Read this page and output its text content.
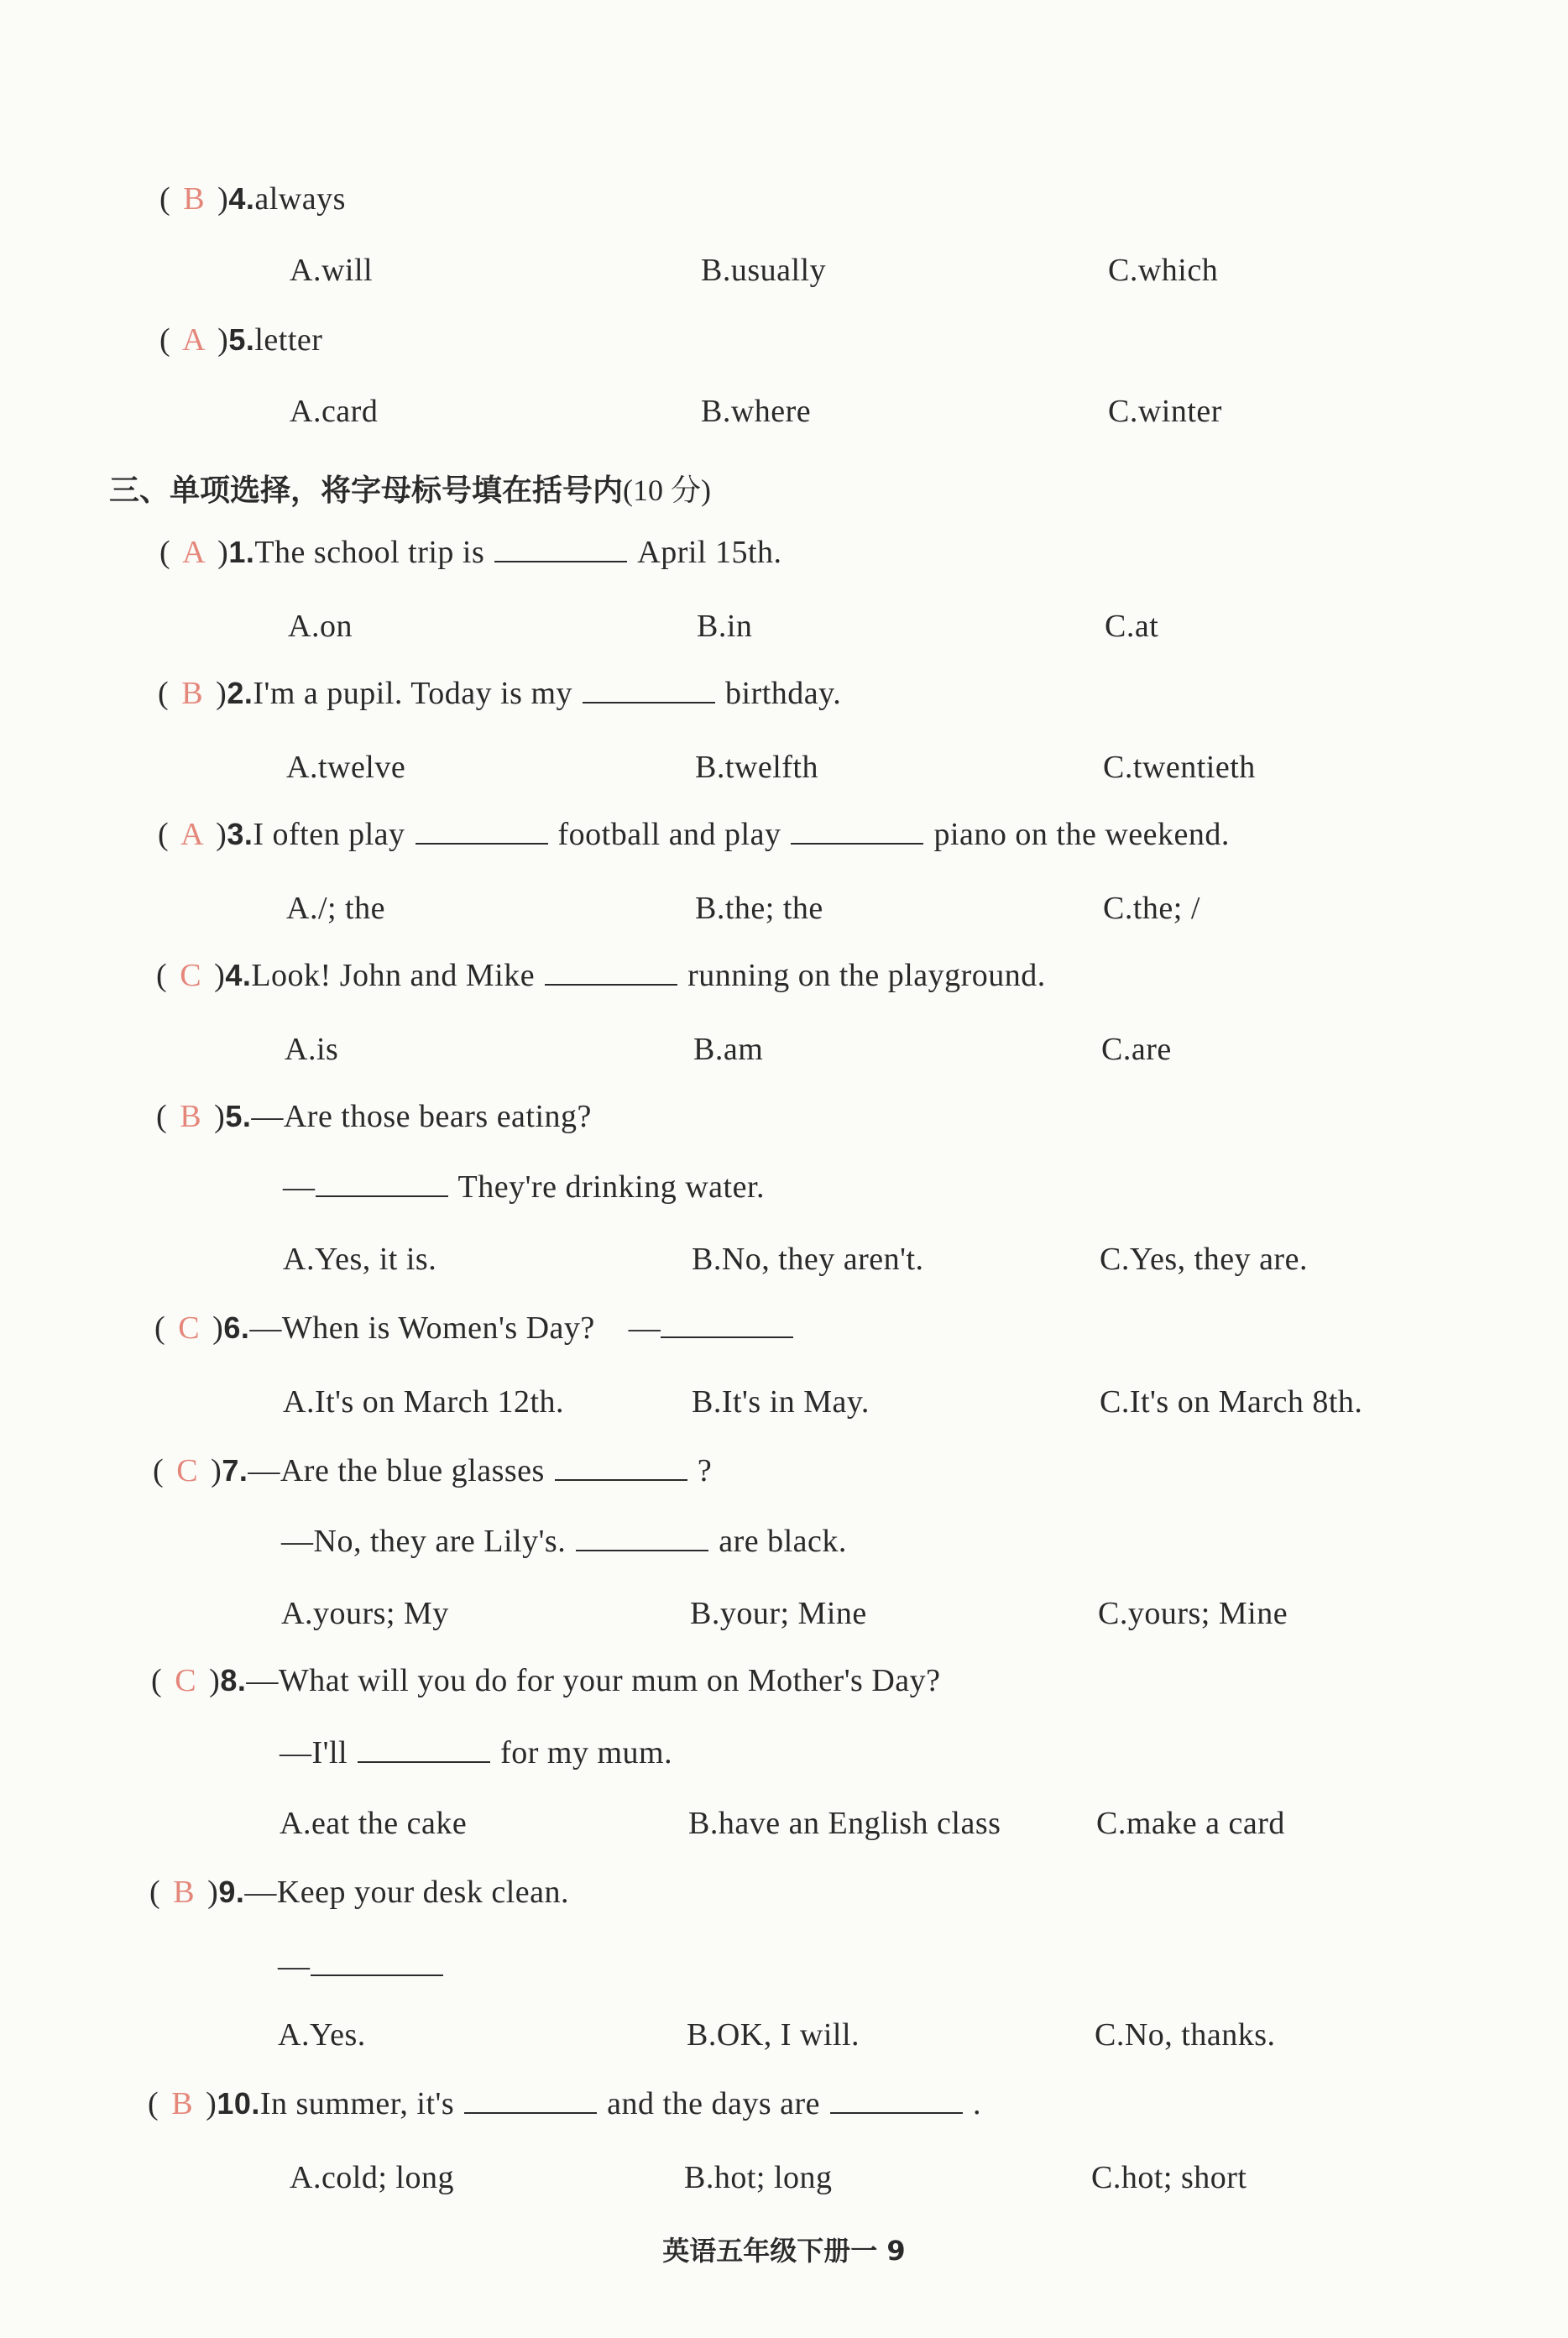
( B )4.always
A.will	B.usually	C.which
( A )5.letter
A.card	B.where	C.winter
三、单项选择，将字母标号填在括号内(10 分)
( A )1.The school trip is	April 15th.
A.on	B.in	C.at
( B )2.I'm a pupil. Today is my	birthday.
A.twelve	B.twelfth	C.twentieth
( A )3.I often play	football and play	piano on the weekend.
A./; the	B.the; the	C.the; /
( C )4.Look! John and Mike	running on the playground.
A.is	B.am	C.are
( B )5.—Are those bears eating?
—	They're drinking water.
A.Yes, it is.	B.No, they aren't.	C.Yes, they are.
( C )6.—When is Women's Day? —
A.It's on March 12th.	B.It's in May.	C.It's on March 8th.
( C )7.—Are the blue glasses	?
—No, they are Lily's.	are black.
A.yours; My	B.your; Mine	C.yours; Mine
( C )8.—What will you do for your mum on Mother's Day?
—I'll	for my mum.
A.eat the cake	B.have an English class	C.make a card
( B )9.—Keep your desk clean.
—
A.Yes.	B.OK, I will.	C.No, thanks.
( B )10.In summer, it's	and the days are	.
A.cold; long	B.hot; long	C.hot; short
英语五年级下册一 9
